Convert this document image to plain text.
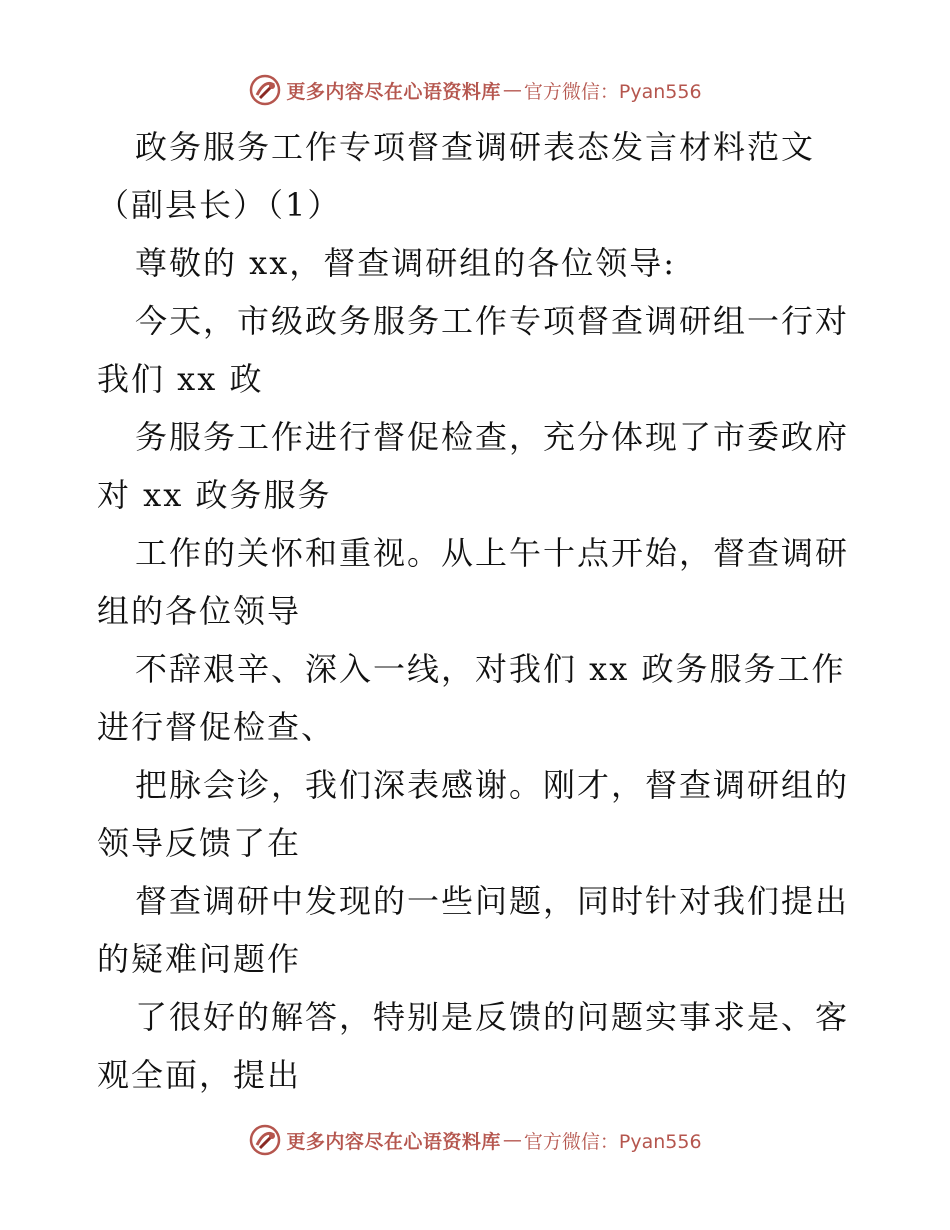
更多内容尽在心语资料库 — 官方微信：Pyan556
政务服务工作专项督查调研表态发言材料范文
（副县长）（1）
尊敬的 xx，督查调研组的各位领导:
今天，市级政务服务工作专项督查调研组一行对
我们 xx 政
务服务工作进行督促检查，充分体现了市委政府
对 xx 政务服务
工作的关怀和重视。从上午十点开始，督查调研
组的各位领导
不辞艰辛、深入一线，对我们 xx 政务服务工作
进行督促检查、
把脉会诊，我们深表感谢。刚才，督查调研组的
领导反馈了在
督查调研中发现的一些问题，同时针对我们提出
的疑难问题作
了很好的解答，特别是反馈的问题实事求是、客
观全面，提出
更多内容尽在心语资料库 — 官方微信：Pyan556
